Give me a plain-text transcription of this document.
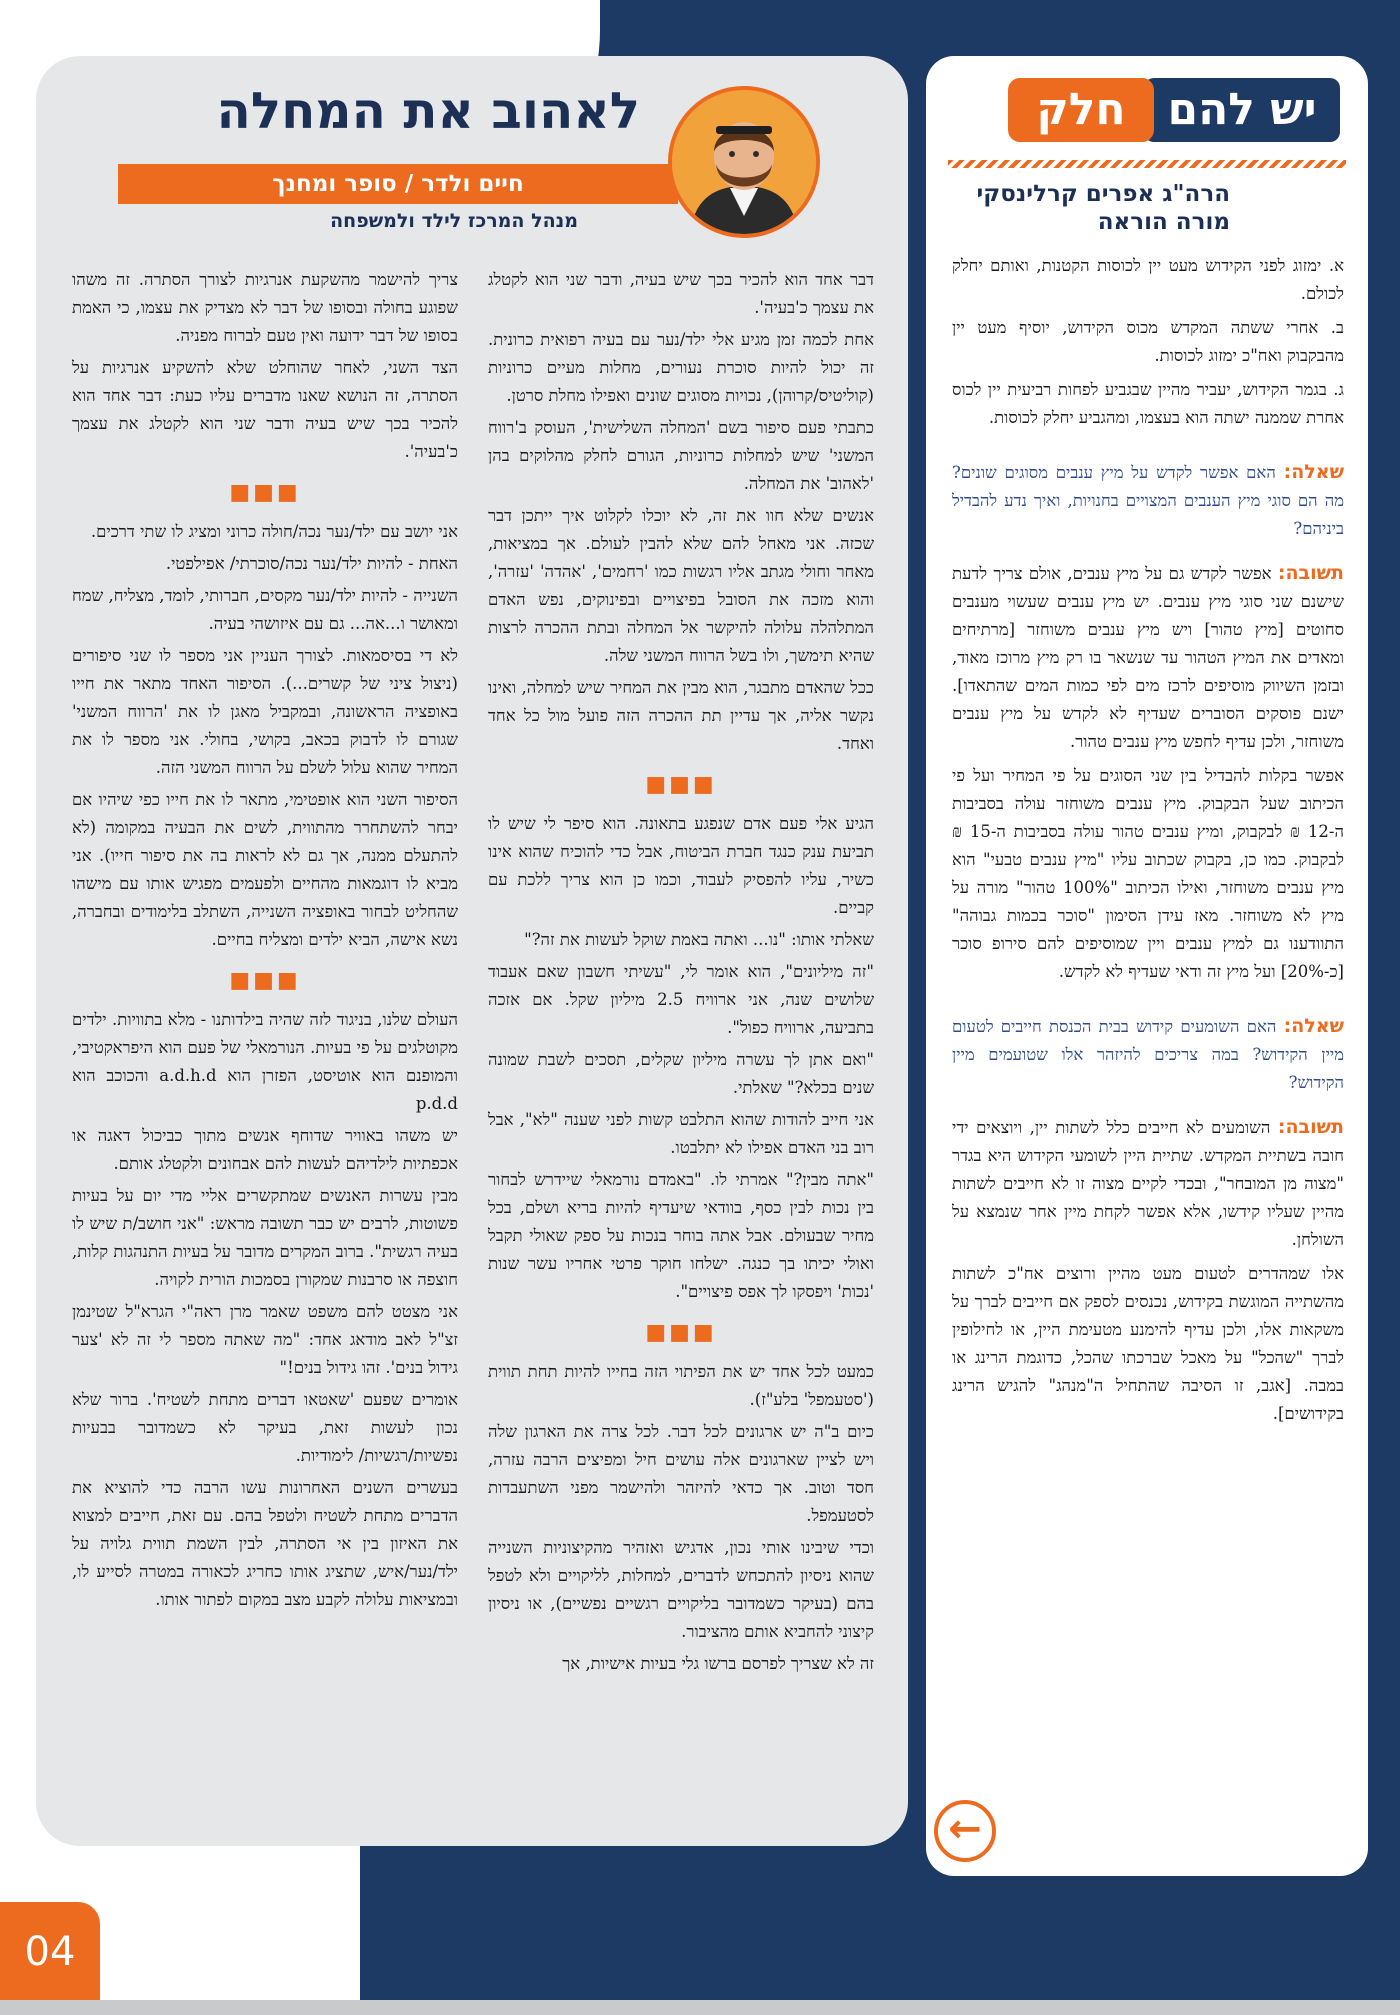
לאהוב את המחלה
חיים ולדר / סופר ומחנך
מנהל המרכז לילד ולמשפחה

דבר אחד הוא להכיר בכך שיש בעיה, ודבר שני הוא לקטלג את עצמך כ'בעיה'.

אחת לכמה זמן מגיע אלי ילד/נער עם בעיה רפואית כרונית. זה יכול להיות סוכרת נעורים, מחלות מעיים כרוניות (קוליטיס/קרוהן), נכויות מסוגים שונים ואפילו מחלת סרטן.

כתבתי פעם סיפור בשם 'המחלה השלישית', העוסק ב'רווח המשני' שיש למחלות כרוניות, הגורם לחלק מהלוקים בהן 'לאהוב' את המחלה.

אנשים שלא חוו את זה, לא יוכלו לקלוט איך ייתכן דבר שכזה. אני מאחל להם שלא להבין לעולם. אך במציאות, מאחר וחולי מגתב אליו רגשות כמו 'רחמים', 'אהדה' 'עזרה', והוא מזכה את הסובל בפיצויים ובפינוקים, נפש האדם המתלהלה עלולה להיקשר אל המחלה ובתת ההכרה לרצות שהיא תימשך, ולו בשל הרווח המשני שלה.

ככל שהאדם מתבגר, הוא מבין את המחיר שיש למחלה, ואינו נקשר אליה, אך עדיין תת ההכרה הזה פועל מול כל אחד ואחד.

■■■

הגיע אלי פעם אדם שנפגע בתאונה. הוא סיפר לי שיש לו תביעת ענק כנגד חברת הביטוח, אבל כדי להוכיח שהוא אינו כשיר, עליו להפסיק לעבוד, וכמו כן הוא צריך ללכת עם קביים.

שאלתי אותו: "נו... ואתה באמת שוקל לעשות את זה?"

"זה מיליונים", הוא אומר לי, "עשיתי חשבון שאם אעבוד שלושים שנה, אני ארוויח 2.5 מיליון שקל. אם אזכה בתביעה, ארוויח כפול".

"ואם אתן לך עשרה מיליון שקלים, תסכים לשבת שמונה שנים בכלא?" שאלתי.

אני חייב להודות שהוא התלבט קשות לפני שענה "לא", אבל רוב בני האדם אפילו לא יתלבטו.

"אתה מבין?" אמרתי לו. "באמדם נורמאלי שיידרש לבחור בין נכות לבין כסף, בוודאי שיעדיף להיות בריא ושלם, בכל מחיר שבעולם. אבל אתה בוחר בנכות על ספק שאולי תקבל ואולי יכיתו בך כנגה. ישלחו חוקר פרטי אחריו עשר שנות 'נכות' ויפסקו לך אפס פיצויים".

■■■

כמעט לכל אחד יש את הפיתוי הזה בחייו להיות תחת תווית ('סטעמפל' בלע"ז).

כיום ב"ה יש ארגונים לכל דבר. לכל צרה את הארגון שלה ויש לציין שארגונים אלה עושים חיל ומפיצים הרבה עזרה, חסד וטוב. אך כדאי להיזהר ולהישמר מפני השתעבדות לסטעמפל.

וכדי שיבינו אותי נכון, אדגיש ואזהיר מהקיצוניות השנייה שהוא ניסיון להתכחש לדברים, למחלות, לליקויים ולא לטפל בהם (בעיקר כשמדובר בליקויים רגשיים נפשיים), או ניסיון קיצוני להחביא אותם מהציבור.

זה לא שצריך לפרסם ברשו גלי בעיות אישיות, אך

צריך להישמר מהשקעת אנרגיות לצורך הסתרה. זה משהו שפוגע בחולה ובסופו של דבר לא מצדיק את עצמו, כי האמת בסופו של דבר ידועה ואין טעם לברוח מפניה.

הצד השני, לאחר שהוחלט שלא להשקיע אנרגיות על הסתרה, זה הנושא שאנו מדברים עליו כעת: דבר אחד הוא להכיר בכך שיש בעיה ודבר שני הוא לקטלג את עצמך כ'בעיה'.

■■■

אני יושב עם ילד/נער נכה/חולה כרוני ומציג לו שתי דרכים.

האחת - להיות ילד/נער נכה/סוכרתי/ אפילפטי.

השנייה - להיות ילד/נער מקסים, חברותי, לומד, מצליח, שמח ומאושר ו...אה... גם עם איזושהי בעיה.

לא די בסיסמאות. לצורך העניין אני מספר לו שני סיפורים (ניצול ציני של קשרים...). הסיפור האחד מתאר את חייו באופציה הראשונה, ובמקביל מאגן לו את 'הרווח המשני' שגורם לו לדבוק בכאב, בקושי, בחולי. אני מספר לו את המחיר שהוא עלול לשלם על הרווח המשני הזה.

הסיפור השני הוא אופטימי, מתאר לו את חייו כפי שיהיו אם יבחר להשתחרר מהתווית, לשים את הבעיה במקומה (לא להתעלם ממנה, אך גם לא לראות בה את סיפור חייו). אני מביא לו דוגמאות מהחיים ולפעמים מפגיש אותו עם מישהו שהחליט לבחור באופציה השנייה, השתלב בלימודים ובחברה, נשא אישה, הביא ילדים ומצליח בחיים.

■■■

העולם שלנו, בניגוד לזה שהיה בילדותנו - מלא בתוויות. ילדים מקוטלגים על פי בעיות. הנורמאלי של פעם הוא היפראקטיבי, והמופנם הוא אוטיסט, הפזרן הוא a.d.h.d והכוכב הוא p.d.d

יש משהו באוויר שדוחף אנשים מתוך כביכול דאגה או אכפתיות לילדיהם לעשות להם אבחונים ולקטלג אותם.

מבין עשרות האנשים שמתקשרים אליי מדי יום על בעיות פשוטות, לרבים יש כבר תשובה מראש: "אני חושב/ת שיש לו בעיה רגשית". ברוב המקרים מדובר על בעיות התנהגות קלות, חוצפה או סרבנות שמקורן בסמכות הורית לקויה.

אני מצטט להם משפט שאמר מרן ראה"י הגרא"ל שטינמן זצ"ל לאב מודאג אחד: "מה שאתה מספר לי זה לא 'צער גידול בנים'. זהו גידול בנים!"

אומרים שפעם 'שאטאו דברים מתחת לשטיח'. ברור שלא נכון לעשות זאת, בעיקר לא כשמדובר בבעיות נפשיות/רגשיות/ לימודיות.

בעשרים השנים האחרונות עשו הרבה כדי להוציא את הדברים מתחת לשטיח ולטפל בהם. עם זאת, חייבים למצוא את האיזון בין אי הסתרה, לבין השמת תווית גלויה על ילד/נער/איש, שתציג אותו כחריג לכאורה במטרה לסייע לו, ובמציאות עלולה לקבע מצב במקום לפתור אותו.

יש להם
חלק
הרה"ג אפרים קרלינסקי
מורה הוראה

א. ימזוג לפני הקידוש מעט יין לכוסות הקטנות, ואותם יחלק לכולם.

ב. אחרי ששתה המקדש מכוס הקידוש, יוסיף מעט יין מהבקבוק ואח"כ ימזוג לכוסות.

ג. בגמר הקידוש, יעביר מהיין שבגביע לפחות רביעית יין לכוס אחרת שממנה ישתה הוא בעצמו, ומהגביע יחלק לכוסות.

שאלה: האם אפשר לקדש על מיץ ענבים מסוגים שונים? מה הם סוגי מיץ הענבים המצויים בחנויות, ואיך נדע להבדיל ביניהם?

תשובה: אפשר לקדש גם על מיץ ענבים, אולם צריך לדעת שישנם שני סוגי מיץ ענבים. יש מיץ ענבים שעשוי מענבים סחוטים [מיץ טהור] ויש מיץ ענבים משוחזר [מרתיחים ומאדים את המיץ הטהור עד שנשאר בו רק מיץ מרוכז מאוד, ובזמן השיווק מוסיפים לרכז מים לפי כמות המים שהתאדו]. ישנם פוסקים הסוברים שעדיף לא לקדש על מיץ ענבים משוחזר, ולכן עדיף לחפש מיץ ענבים טהור.

אפשר בקלות להבדיל בין שני הסוגים על פי המחיר ועל פי הכיתוב שעל הבקבוק. מיץ ענבים משוחזר עולה בסביבות ה-12 ₪ לבקבוק, ומיץ ענבים טהור עולה בסביבות ה-15 ₪ לבקבוק. כמו כן, בקבוק שכתוב עליו "מיץ ענבים טבעי" הוא מיץ ענבים משוחזר, ואילו הכיתוב "100% טהור" מורה על מיץ לא משוחזר. מאז עידן הסימון "סוכר בכמות גבוהה" התוודענו גם למיץ ענבים ויין שמוסיפים להם סירופ סוכר [כ-20%] ועל מיץ זה ודאי שעדיף לא לקדש.

שאלה: האם השומעים קידוש בבית הכנסת חייבים לטעום מיין הקידוש? במה צריכים להיזהר אלו שטועמים מיין הקידוש?

תשובה: השומעים לא חייבים כלל לשתות יין, ויוצאים ידי חובה בשתיית המקדש. שתיית היין לשומעי הקידוש היא בגדר "מצוה מן המובחר", ובכדי לקיים מצוה זו לא חייבים לשתות מהיין שעליו קידשו, אלא אפשר לקחת מיין אחר שנמצא על השולחן.

אלו שמהדרים לטעום מעט מהיין ורוצים אח"כ לשתות מהשתייה המוגשת בקידוש, נכנסים לספק אם חייבים לברך על משקאות אלו, ולכן עדיף להימנע מטעימת היין, או לחילופין לברך "שהכל" על מאכל שברכתו שהכל, כדוגמת הרינג או במבה. [אגב, זו הסיבה שהתחיל ה"מנהג" להגיש הרינג בקידושים].

←
04
